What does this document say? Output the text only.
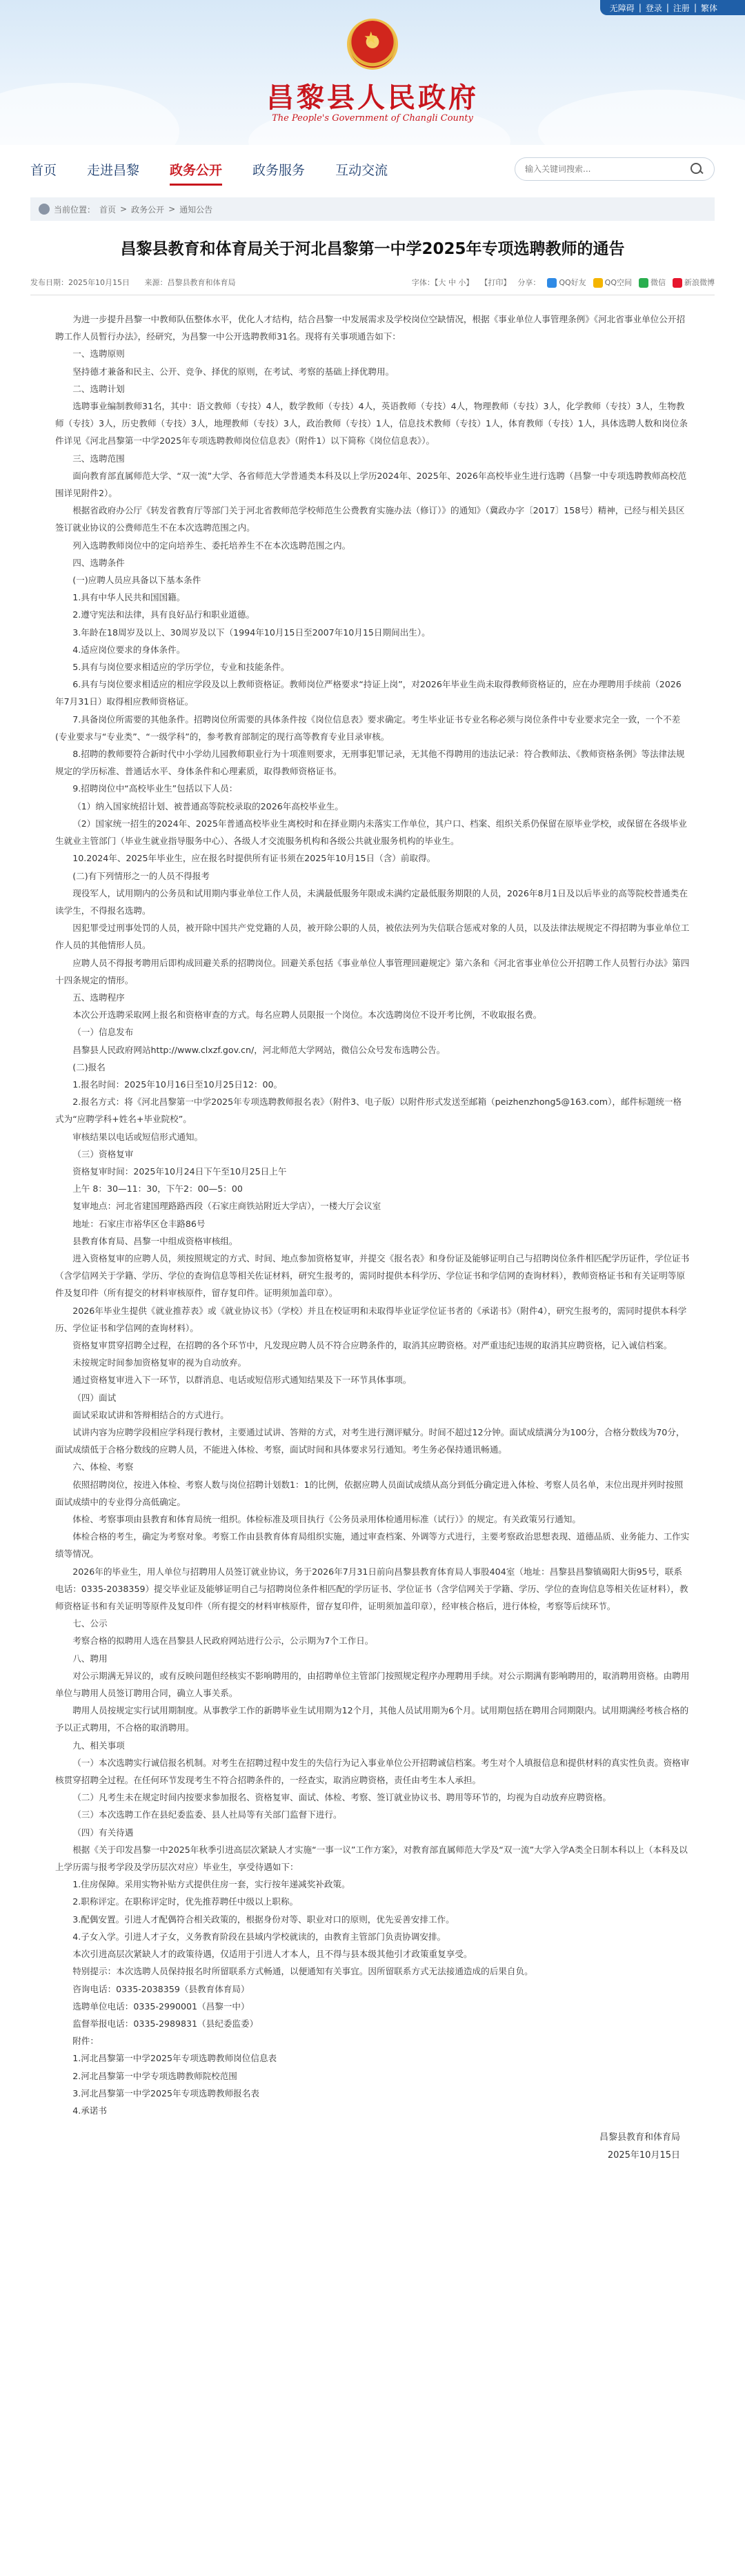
无障碍 | 登录 | 注册 | 繁体
★
昌黎县人民政府
The People's Government of Changli County
首页 走进昌黎 政务公开 政务服务 互动交流
输入关键词搜索...
当前位置： 首页 > 政务公开 > 通知公告
昌黎县教育和体育局关于河北昌黎第一中学2025年专项选聘教师的通告
发布日期：2025年10月15日 来源：昌黎县教育和体育局	字体：【大 中 小】 【打印】 分享：	QQ好友	QQ空间	微信	新浪微博

为进一步提升昌黎一中教师队伍整体水平，优化人才结构，结合昌黎一中发展需求及学校岗位空缺情况，根据《事业单位人事管理条例》《河北省事业单位公开招聘工作人员暂行办法》，经研究，为昌黎一中公开选聘教师31名。现将有关事项通告如下：

一、选聘原则

坚持德才兼备和民主、公开、竞争、择优的原则，在考试、考察的基础上择优聘用。

二、选聘计划

选聘事业编制教师31名，其中：语文教师（专技）4人，数学教师（专技）4人，英语教师（专技）4人，物理教师（专技）3人，化学教师（专技）3人，生物教师（专技）3人，历史教师（专技）3人，地理教师（专技）3人，政治教师（专技）1人，信息技术教师（专技）1人，体育教师（专技）1人，具体选聘人数和岗位条件详见《河北昌黎第一中学2025年专项选聘教师岗位信息表》（附件1）以下简称《岗位信息表》）。

三、选聘范围

面向教育部直属师范大学、“双一流”大学、各省师范大学普通类本科及以上学历2024年、2025年、2026年高校毕业生进行选聘（昌黎一中专项选聘教师高校范围详见附件2）。

根据省政府办公厅《转发省教育厅等部门关于河北省教师范学校师范生公费教育实施办法（修订）》的通知》（冀政办字〔2017〕158号）精神，已经与相关县区签订就业协议的公费师范生不在本次选聘范围之内。

列入选聘教师岗位中的定向培养生、委托培养生不在本次选聘范围之内。

四、选聘条件

(一)应聘人员应具备以下基本条件

1.具有中华人民共和国国籍。

2.遵守宪法和法律，具有良好品行和职业道德。

3.年龄在18周岁及以上、30周岁及以下（1994年10月15日至2007年10月15日期间出生）。

4.适应岗位要求的身体条件。

5.具有与岗位要求相适应的学历学位，专业和技能条件。

6.具有与岗位要求相适应的相应学段及以上教师资格证。教师岗位严格要求“持证上岗”，对2026年毕业生尚未取得教师资格证的，应在办理聘用手续前（2026年7月31日）取得相应教师资格证。

7.具备岗位所需要的其他条件。招聘岗位所需要的具体条件按《岗位信息表》要求确定。考生毕业证书专业名称必须与岗位条件中专业要求完全一致，一个不差(专业要求与“专业类”、“一级学科”的，参考教育部制定的现行高等教育专业目录审核。

8.招聘的教师要符合新时代中小学幼儿园教师职业行为十项准则要求，无刑事犯罪记录，无其他不得聘用的违法记录：符合教师法、《教师资格条例》等法律法规规定的学历标准、普通话水平、身体条件和心理素质，取得教师资格证书。

9.招聘岗位中“高校毕业生”包括以下人员：

（1）纳入国家统招计划、被普通高等院校录取的2026年高校毕业生。

（2）国家统一招生的2024年、2025年普通高校毕业生离校时和在择业期内未落实工作单位，其户口、档案、组织关系仍保留在原毕业学校，或保留在各级毕业生就业主管部门（毕业生就业指导服务中心）、各级人才交流服务机构和各级公共就业服务机构的毕业生。

10.2024年、2025年毕业生，应在报名时提供所有证书须在2025年10月15日（含）前取得。

(二)有下列情形之一的人员不得报考

现役军人，试用期内的公务员和试用期内事业单位工作人员，未满最低服务年限或未满约定最低服务期限的人员，2026年8月1日及以后毕业的高等院校普通类在读学生，不得报名选聘。

因犯罪受过刑事处罚的人员，被开除中国共产党党籍的人员，被开除公职的人员，被依法列为失信联合惩戒对象的人员，以及法律法规规定不得招聘为事业单位工作人员的其他情形人员。

应聘人员不得报考聘用后即构成回避关系的招聘岗位。回避关系包括《事业单位人事管理回避规定》第六条和《河北省事业单位公开招聘工作人员暂行办法》第四十四条规定的情形。

五、选聘程序

本次公开选聘采取网上报名和资格审查的方式。每名应聘人员限报一个岗位。本次选聘岗位不设开考比例，不收取报名费。

（一）信息发布

昌黎县人民政府网站http://www.clxzf.gov.cn/，河北师范大学网站，微信公众号发布选聘公告。

(二)报名

1.报名时间：2025年10月16日至10月25日12：00。

2.报名方式：将《河北昌黎第一中学2025年专项选聘教师报名表》（附件3、电子版）以附件形式发送至邮箱（peizhenzhong5@163.com），邮件标题统一格式为“应聘学科+姓名+毕业院校”。

审核结果以电话或短信形式通知。

（三）资格复审

资格复审时间：2025年10月24日下午至10月25日上午

上午 8：30—11：30，下午2：00—5：00

复审地点：河北省建国理路路西段（石家庄商铁站附近大学店），一楼大厅会议室

地址：石家庄市裕华区仓丰路86号

县教育体育局、昌黎一中组成资格审核组。

进入资格复审的应聘人员，须按照规定的方式、时间、地点参加资格复审，并提交《报名表》和身份证及能够证明自己与招聘岗位条件相匹配学历证件，学位证书（含学信网关于学籍、学历、学位的查询信息等相关佐证材料，研究生报考的，需同时提供本科学历、学位证书和学信网的查询材料），教师资格证书和有关证明等原件及复印件（所有提交的材料审核原件，留存复印件。证明须加盖印章）。

2026年毕业生提供《就业推荐表》或《就业协议书》（学校）并且在校证明和未取得毕业证学位证书者的《承诺书》（附件4），研究生报考的，需同时提供本科学历、学位证书和学信网的查询材料）。

资格复审贯穿招聘全过程，在招聘的各个环节中，凡发现应聘人员不符合应聘条件的，取消其应聘资格。对严重违纪违规的取消其应聘资格，记入诚信档案。

未按规定时间参加资格复审的视为自动放弃。

通过资格复审进入下一环节，以群消息、电话或短信形式通知结果及下一环节具体事项。

（四）面试

面试采取试讲和答辩相结合的方式进行。

试讲内容为应聘学段相应学科现行教材，主要通过试讲、答辩的方式，对考生进行测评赋分。时间不超过12分钟。面试成绩满分为100分，合格分数线为70分，面试成绩低于合格分数线的应聘人员，不能进入体检、考察，面试时间和具体要求另行通知。考生务必保持通讯畅通。

六、体检、考察

依照招聘岗位，按进入体检、考察人数与岗位招聘计划数1：1的比例，依据应聘人员面试成绩从高分到低分确定进入体检、考察人员名单，末位出现并列时按照面试成绩中的专业得分高低确定。

体检、考察事项由县教育和体育局统一组织。体检标准及项目执行《公务员录用体检通用标准（试行）》的规定。有关政策另行通知。

体检合格的考生，确定为考察对象。考察工作由县教育体育局组织实施，通过审查档案、外调等方式进行，主要考察政治思想表现、道德品质、业务能力、工作实绩等情况。

2026年的毕业生，用人单位与招聘用人员签订就业协议，务于2026年7月31日前向昌黎县教育体育局人事股404室（地址：昌黎县昌黎镇碣阳大街95号，联系电话：0335-2038359）提交毕业证及能够证明自己与招聘岗位条件相匹配的学历证书、学位证书（含学信网关于学籍、学历、学位的查询信息等相关佐证材料），教师资格证书和有关证明等原件及复印件（所有提交的材料审核原件，留存复印件，证明须加盖印章），经审核合格后，进行体检，考察等后续环节。

七、公示

考察合格的拟聘用人选在昌黎县人民政府网站进行公示，公示期为7个工作日。

八、聘用

对公示期满无异议的，或有反映问题但经核实不影响聘用的，由招聘单位主管部门按照规定程序办理聘用手续。对公示期满有影响聘用的，取消聘用资格。由聘用单位与聘用人员签订聘用合同，确立人事关系。

聘用人员按规定实行试用期制度。从事教学工作的新聘毕业生试用期为12个月，其他人员试用期为6个月。试用期包括在聘用合同期限内。试用期满经考核合格的予以正式聘用，不合格的取消聘用。

九、相关事项

（一）本次选聘实行诚信报名机制。对考生在招聘过程中发生的失信行为记入事业单位公开招聘诚信档案。考生对个人填报信息和提供材料的真实性负责。资格审核贯穿招聘全过程。在任何环节发现考生不符合招聘条件的，一经查实，取消应聘资格，责任由考生本人承担。

（二）凡考生未在规定时间内按要求参加报名、资格复审、面试、体检、考察、签订就业协议书、聘用等环节的，均视为自动放弃应聘资格。

（三）本次选聘工作在县纪委监委、县人社局等有关部门监督下进行。

（四）有关待遇

根据《关于印发昌黎一中2025年秋季引进高层次紧缺人才实施“一事一议”工作方案》，对教育部直属师范大学及“双一流”大学入学A类全日制本科以上（本科及以上学历需与报考学段及学历层次对应）毕业生，享受待遇如下：

1.住房保障。采用实物补贴方式提供住房一套，实行按年递减奖补政策。

2.职称评定。在职称评定时，优先推荐聘任中级以上职称。

3.配偶安置。引进人才配偶符合相关政策的，根据身份对等、职业对口的原则，优先妥善安排工作。

4.子女入学。引进人才子女，义务教育阶段在县域内学校就读的，由教育主管部门负责协调安排。

本次引进高层次紧缺人才的政策待遇，仅适用于引进人才本人，且不得与县本级其他引才政策重复享受。

特别提示：本次选聘人员保持报名时所留联系方式畅通，以便通知有关事宜。因所留联系方式无法接通造成的后果自负。

咨询电话：0335-2038359（县教育体育局）

选聘单位电话：0335-2990001（昌黎一中）

监督举报电话：0335-2989831（县纪委监委）

附件：

1.河北昌黎第一中学2025年专项选聘教师岗位信息表

2.河北昌黎第一中学专项选聘教师院校范围

3.河北昌黎第一中学2025年专项选聘教师报名表

4.承诺书

昌黎县教育和体育局
2025年10月15日
